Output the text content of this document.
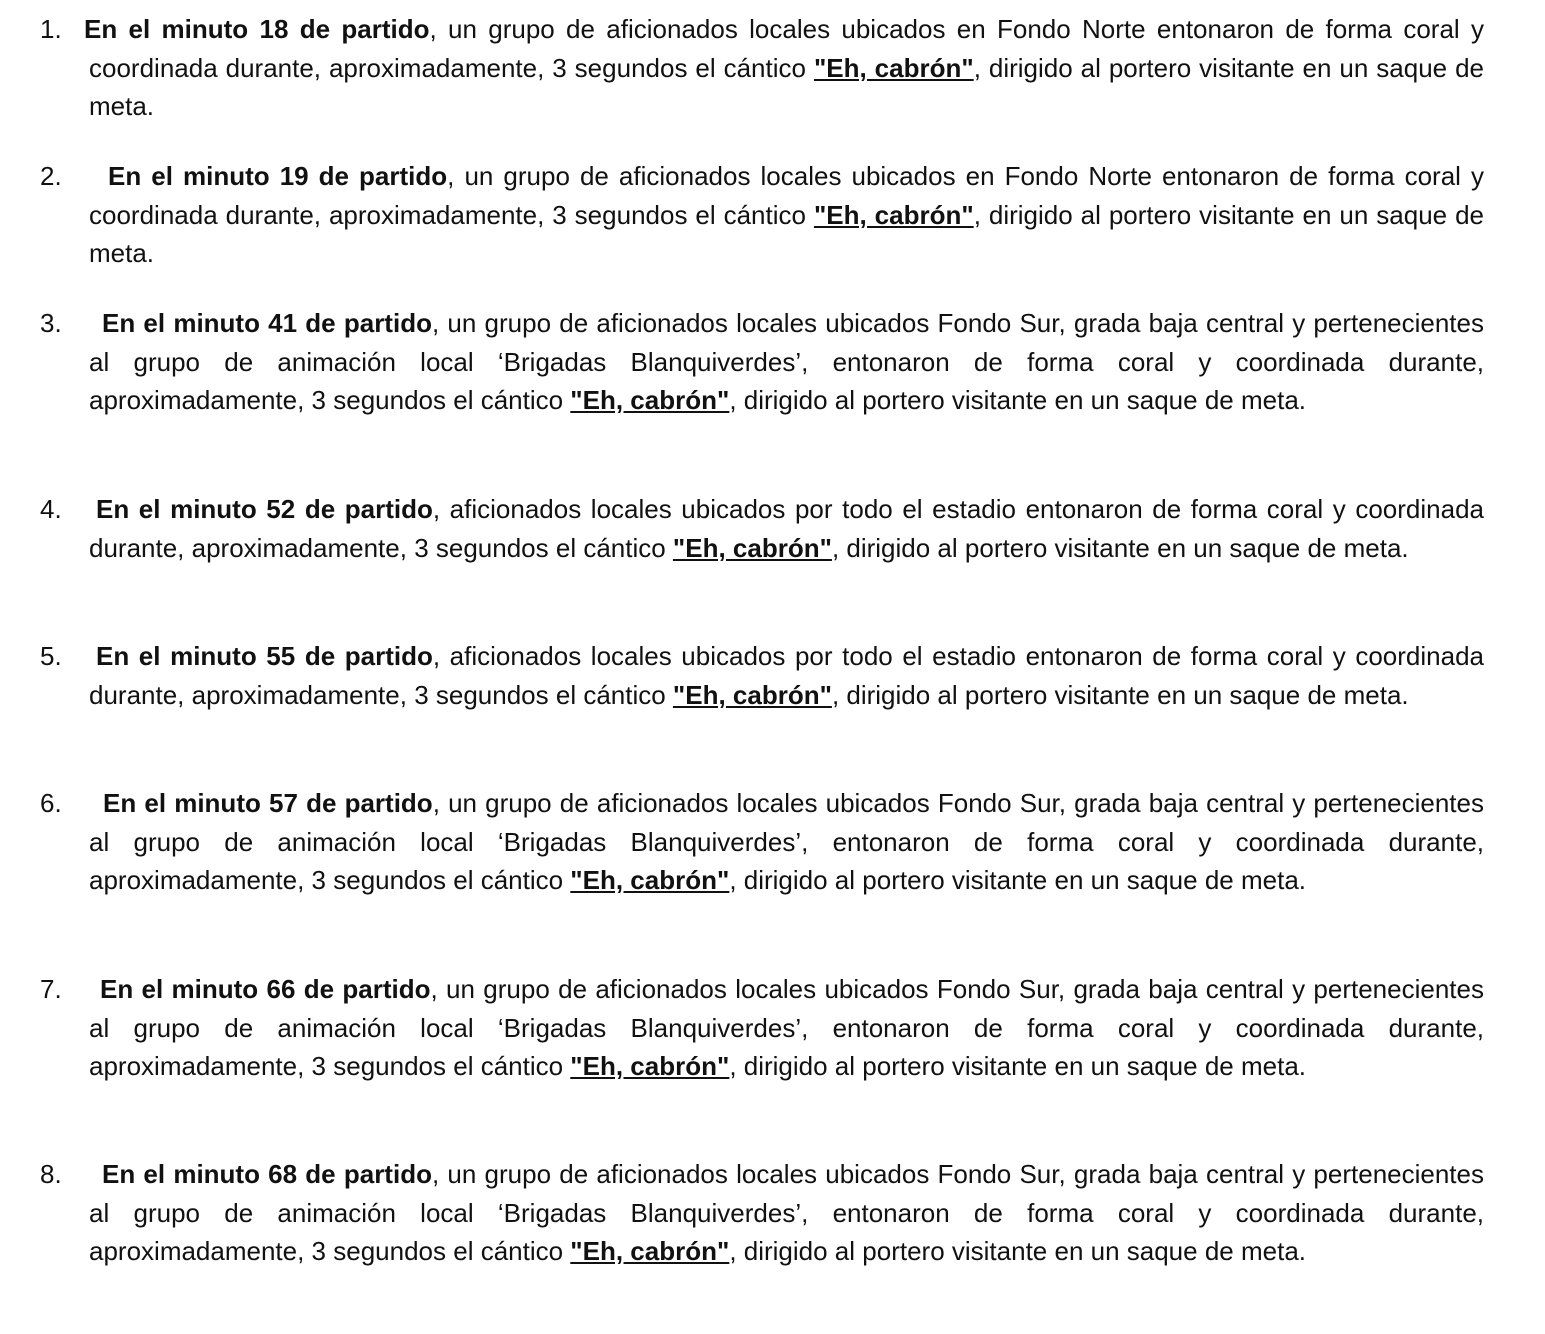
1. En el minuto 18 de partido, un grupo de aficionados locales ubicados en Fondo Norte entonaron de forma coral y coordinada durante, aproximadamente, 3 segundos el cántico "Eh, cabrón", dirigido al portero visitante en un saque de meta.
2.	En el minuto 19 de partido, un grupo de aficionados locales ubicados en Fondo Norte entonaron de forma coral y coordinada durante, aproximadamente, 3 segundos el cántico "Eh, cabrón", dirigido al portero visitante en un saque de meta.
3.	En el minuto 41 de partido, un grupo de aficionados locales ubicados Fondo Sur, grada baja central y pertenecientes al grupo de animación local ‘Brigadas Blanquiverdes’, entonaron de forma coral y coordinada durante, aproximadamente, 3 segundos el cántico "Eh, cabrón", dirigido al portero visitante en un saque de meta.
4. En el minuto 52 de partido, aficionados locales ubicados por todo el estadio entonaron de forma coral y coordinada durante, aproximadamente, 3 segundos el cántico "Eh, cabrón", dirigido al portero visitante en un saque de meta.
5. En el minuto 55 de partido, aficionados locales ubicados por todo el estadio entonaron de forma coral y coordinada durante, aproximadamente, 3 segundos el cántico "Eh, cabrón", dirigido al portero visitante en un saque de meta.
6.	En el minuto 57 de partido, un grupo de aficionados locales ubicados Fondo Sur, grada baja central y pertenecientes al grupo de animación local ‘Brigadas Blanquiverdes’, entonaron de forma coral y coordinada durante, aproximadamente, 3 segundos el cántico "Eh, cabrón", dirigido al portero visitante en un saque de meta.
7.	En el minuto 66 de partido, un grupo de aficionados locales ubicados Fondo Sur, grada baja central y pertenecientes al grupo de animación local ‘Brigadas Blanquiverdes’, entonaron de forma coral y coordinada durante, aproximadamente, 3 segundos el cántico "Eh, cabrón", dirigido al portero visitante en un saque de meta.
8.	En el minuto 68 de partido, un grupo de aficionados locales ubicados Fondo Sur, grada baja central y pertenecientes al grupo de animación local ‘Brigadas Blanquiverdes’, entonaron de forma coral y coordinada durante, aproximadamente, 3 segundos el cántico "Eh, cabrón", dirigido al portero visitante en un saque de meta.
